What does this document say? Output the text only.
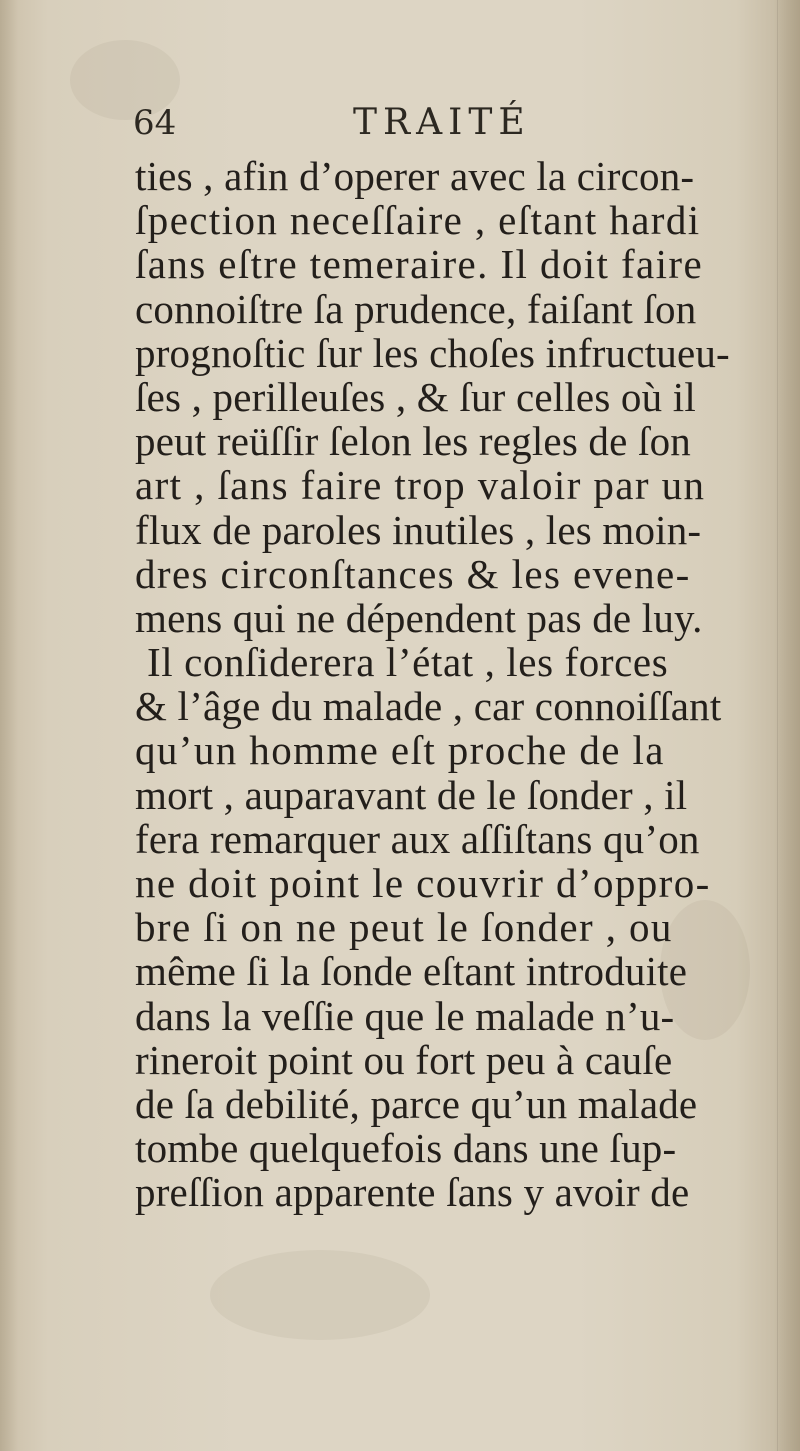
64	TRAITÉ
ties , afin d’operer avec la circon-
ſpection neceſſaire , eſtant hardi
ſans eſtre temeraire. Il doit faire
connoiſtre ſa prudence, faiſant ſon
prognoſtic ſur les choſes infructueu-
ſes , perilleuſes , & ſur celles où il
peut reüſſir ſelon les regles de ſon
art , ſans faire trop valoir par un
flux de paroles inutiles , les moin-
dres circonſtances & les evene-
mens qui ne dépendent pas de luy.
Il conſiderera l’état , les forces
& l’âge du malade , car connoiſſant
qu’un homme eſt proche de la
mort , auparavant de le ſonder , il
fera remarquer aux aſſiſtans qu’on
ne doit point le couvrir d’oppro-
bre ſi on ne peut le ſonder , ou
même ſi la ſonde eſtant introduite
dans la veſſie que le malade n’u-
rineroit point ou fort peu à cauſe
de ſa debilité, parce qu’un malade
tombe quelquefois dans une ſup-
preſſion apparente ſans y avoir de
